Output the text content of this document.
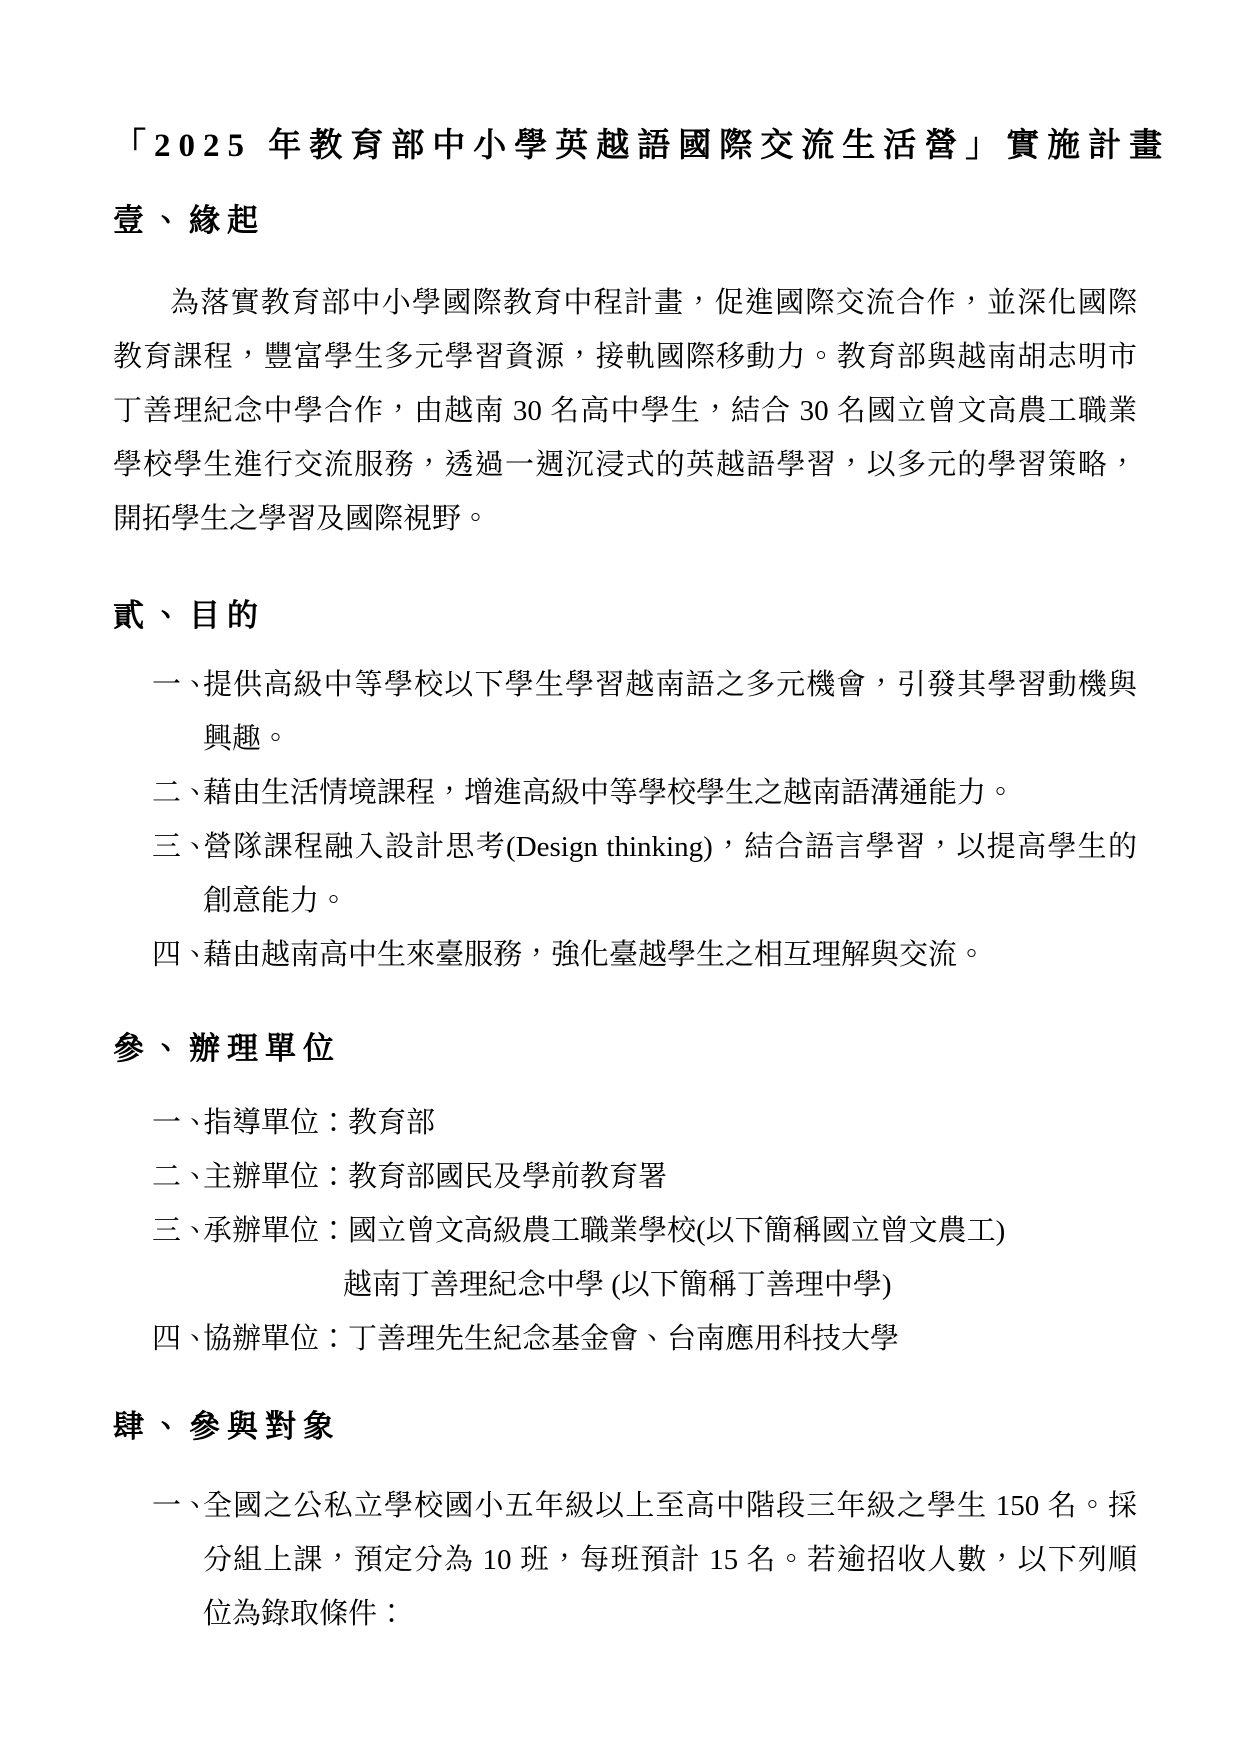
「2025 年教育部中小學英越語國際交流生活營」實施計畫
壹、緣起
為落實教育部中小學國際教育中程計畫，促進國際交流合作，並深化國際
教育課程，豐富學生多元學習資源，接軌國際移動力。教育部與越南胡志明市
丁善理紀念中學合作，由越南 30 名高中學生，結合 30 名國立曾文高農工職業
學校學生進行交流服務，透過一週沉浸式的英越語學習，以多元的學習策略，
開拓學生之學習及國際視野。
貳、目的
一、
提供高級中等學校以下學生學習越南語之多元機會，引發其學習動機與
興趣。
二、
藉由生活情境課程，增進高級中等學校學生之越南語溝通能力。
三、
營隊課程融入設計思考(Design thinking)，結合語言學習，以提高學生的
創意能力。
四、
藉由越南高中生來臺服務，強化臺越學生之相互理解與交流。
參、辦理單位
一、
指導單位：教育部
二、
主辦單位：教育部國民及學前教育署
三、
承辦單位：國立曾文高級農工職業學校(以下簡稱國立曾文農工)
越南丁善理紀念中學 (以下簡稱丁善理中學)
四、
協辦單位：丁善理先生紀念基金會、台南應用科技大學
肆、參與對象
一、
全國之公私立學校國小五年級以上至高中階段三年級之學生 150 名。採
分組上課，預定分為 10 班，每班預計 15 名。若逾招收人數，以下列順
位為錄取條件：
